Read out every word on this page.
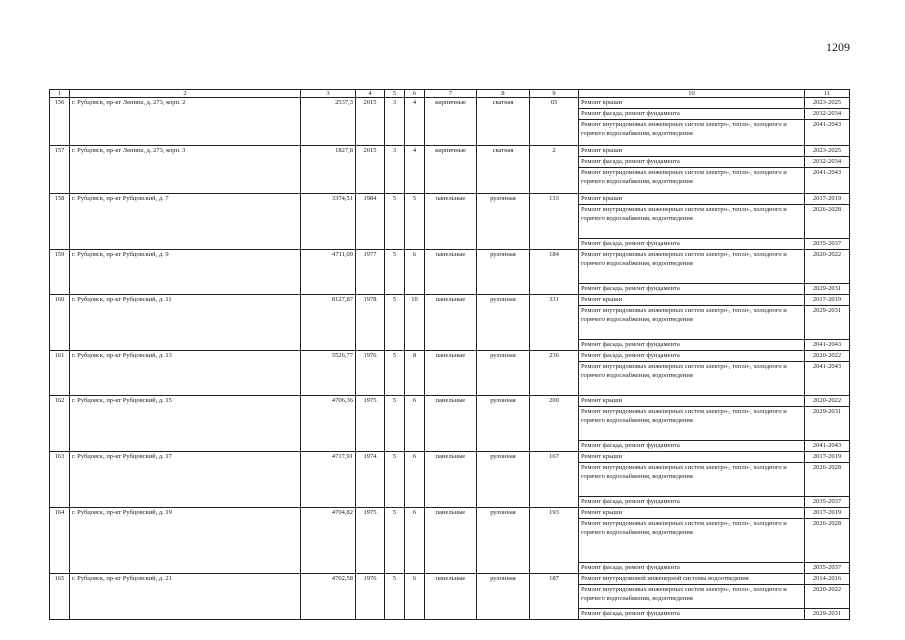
1209
1	2	3	4	5	6	7	8	9	10	11
156	г. Рубцовск, пр-кт Ленина, д. 273, корп. 2	2537,3	2015	3	4	кирпичные	скатная	65	Ремонт крыши	2023-2025

									Ремонт фасада, ремонт фундамента	2032-2034

									Ремонт внутридомовых инженерных систем электро-, тепло-, холодного и горячего водоснабжения, водоотведения	2041-2043
157	г. Рубцовск, пр-кт Ленина, д. 273, корп. 3	1827,8	2015	3	4	кирпичные	скатная	2	Ремонт крыши	2023-2025

									Ремонт фасада, ремонт фундамента	2032-2034

									Ремонт внутридомовых инженерных систем электро-, тепло-, холодного и горячего водоснабжения, водоотведения	2041-2043
158	г. Рубцовск, пр-кт Рубцовский, д. 7	3374,51	1984	5	5	панельные	рулонная	133	Ремонт крыши	2017-2019

									Ремонт внутридомовых инженерных систем электро-, тепло-, холодного и горячего водоснабжения, водоотведения	2026-2028

									Ремонт фасада, ремонт фундамента	2035-2037
159	г. Рубцовск, пр-кт Рубцовский, д. 9	4711,09	1977	5	6	панельные	рулонная	184	Ремонт внутридомовых инженерных систем электро-, тепло-, холодного и горячего водоснабжения, водоотведения	2020-2022

									Ремонт фасада, ремонт фундамента	2029-2031
160	г. Рубцовск, пр-кт Рубцовский, д. 11	8127,87	1978	5	10	панельные	рулонная	331	Ремонт крыши	2017-2019

									Ремонт внутридомовых инженерных систем электро-, тепло-, холодного и горячего водоснабжения, водоотведения	2029-2031

									Ремонт фасада, ремонт фундамента	2041-2043
161	г. Рубцовск, пр-кт Рубцовский, д. 13	5526,77	1976	5	8	панельные	рулонная	236	Ремонт фасада, ремонт фундамента	2020-2022

									Ремонт внутридомовых инженерных систем электро-, тепло-, холодного и горячего водоснабжения, водоотведения	2041-2043
162	г. Рубцовск, пр-кт Рубцовский, д. 15	4706,36	1975	5	6	панельные	рулонная	200	Ремонт крыши	2020-2022

									Ремонт внутридомовых инженерных систем электро-, тепло-, холодного и горячего водоснабжения, водоотведения	2029-2031

									Ремонт фасада, ремонт фундамента	2041-2043
163	г. Рубцовск, пр-кт Рубцовский, д. 17	4717,91	1974	5	6	панельные	рулонная	167	Ремонт крыши	2017-2019

									Ремонт внутридомовых инженерных систем электро-, тепло-, холодного и горячего водоснабжения, водоотведения	2026-2028

									Ремонт фасада, ремонт фундамента	2035-2037
164	г. Рубцовск, пр-кт Рубцовский, д. 19	4704,82	1975	5	6	панельные	рулонная	193	Ремонт крыши	2017-2019

									Ремонт внутридомовых инженерных систем электро-, тепло-, холодного и горячего водоснабжения, водоотведения	2026-2028

									Ремонт фасада, ремонт фундамента	2035-2037
165	г. Рубцовск, пр-кт Рубцовский, д. 21	4702,58	1976	5	6	панельные	рулонная	187	Ремонт внутридомовой инженерной системы водоотведения	2014-2016

									Ремонт внутридомовых инженерных систем электро-, тепло-, холодного и горячего водоснабжения, водоотведения	2020-2022

									Ремонт фасада, ремонт фундамента	2029-2031
